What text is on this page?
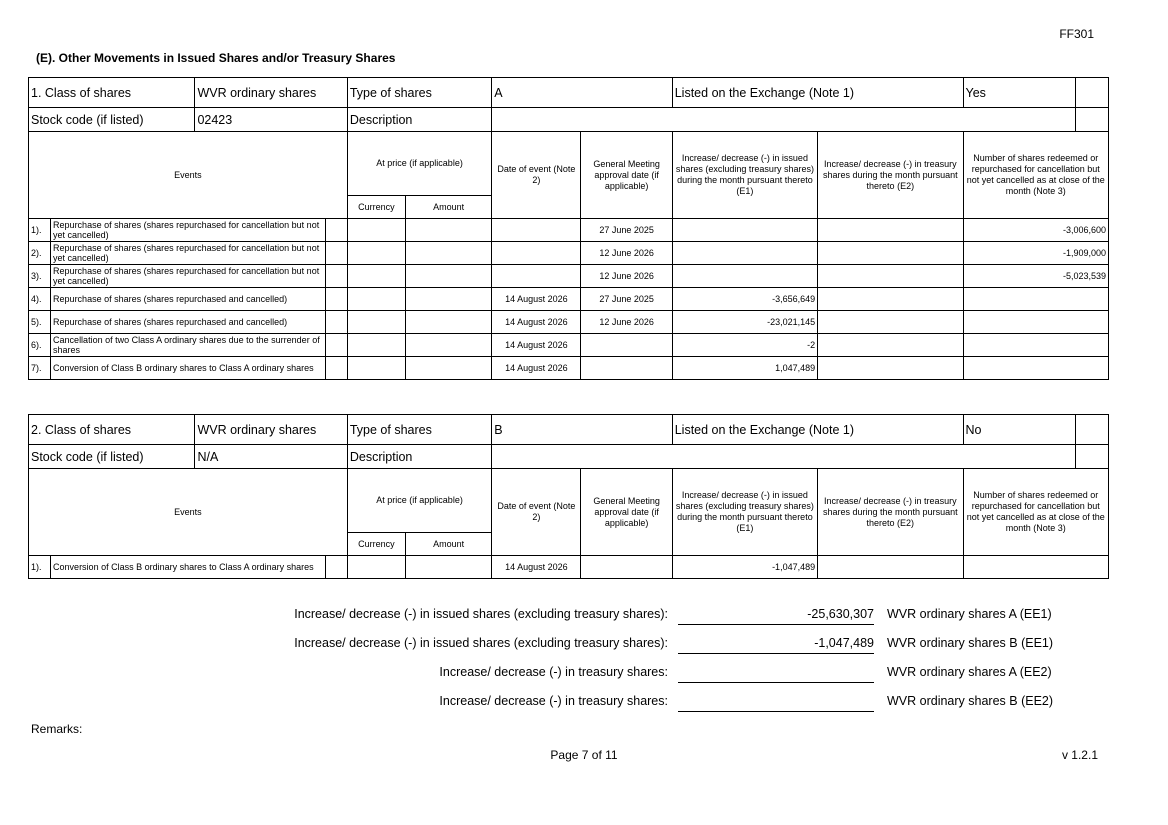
FF301
(E). Other Movements in Issued Shares and/or Treasury Shares
1. Class of shares		WVR ordinary shares		Type of shares		A		Listed on the Exchange (Note 1)		Yes	
Stock code (if listed)		02423		Description							
Events				At price (if applicable)		Date of event (Note 2)	General Meeting approval date (if applicable)	Increase/ decrease (-) in issued shares (excluding treasury shares) during the month pursuant thereto (E1)	Increase/ decrease (-) in treasury shares during the month pursuant thereto (E2)	Number of shares redeemed or repurchased for cancellation but not yet cancelled as at close of the month (Note 3)	
				Currency	Amount						
1).	Repurchase of shares (shares repurchased for cancellation but not yet cancelled)						27 June 2025			-3,006,600	
2).	Repurchase of shares (shares repurchased for cancellation but not yet cancelled)						12 June 2026			-1,909,000	
3).	Repurchase of shares (shares repurchased for cancellation but not yet cancelled)						12 June 2026			-5,023,539	
4).	Repurchase of shares (shares repurchased and cancelled)					14 August 2026	27 June 2025	-3,656,649			
5).	Repurchase of shares (shares repurchased and cancelled)					14 August 2026	12 June 2026	-23,021,145			
6).	Cancellation of two Class A ordinary shares due to the surrender of shares					14 August 2026		-2			
7).	Conversion of Class B ordinary shares to Class A ordinary shares					14 August 2026		1,047,489			
2. Class of shares		WVR ordinary shares		Type of shares		B		Listed on the Exchange (Note 1)		No	
Stock code (if listed)		N/A		Description							
Events				At price (if applicable)		Date of event (Note 2)	General Meeting approval date (if applicable)	Increase/ decrease (-) in issued shares (excluding treasury shares) during the month pursuant thereto (E1)	Increase/ decrease (-) in treasury shares during the month pursuant thereto (E2)	Number of shares redeemed or repurchased for cancellation but not yet cancelled as at close of the month (Note 3)	
				Currency	Amount						
1).	Conversion of Class B ordinary shares to Class A ordinary shares					14 August 2026		-1,047,489			
Increase/ decrease (-) in issued shares (excluding treasury shares):	-25,630,307 WVR ordinary shares A (EE1)
Increase/ decrease (-) in issued shares (excluding treasury shares):	-1,047,489 WVR ordinary shares B (EE1)
Increase/ decrease (-) in treasury shares:	WVR ordinary shares A (EE2)
Increase/ decrease (-) in treasury shares:	WVR ordinary shares B (EE2)
Remarks:
Page 7 of 11	v 1.2.1
